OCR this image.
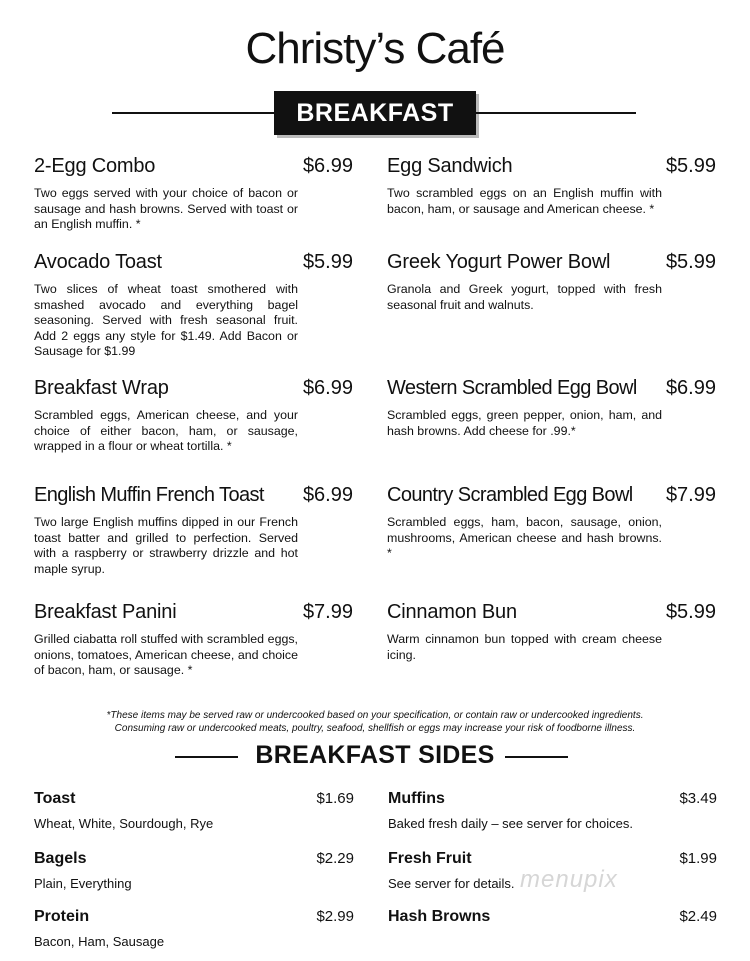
Christy’s Café
BREAKFAST
2-Egg Combo	$6.99
Two eggs served with your choice of bacon or sausage and hash browns. Served with toast or an English muffin. *
Avocado Toast	$5.99
Two slices of wheat toast smothered with smashed avocado and everything bagel seasoning. Served with fresh seasonal fruit. Add 2 eggs any style for $1.49. Add Bacon or Sausage for $1.99
Breakfast Wrap	$6.99
Scrambled eggs, American cheese, and your choice of either bacon, ham, or sausage, wrapped in a flour or wheat tortilla. *
English Muffin French Toast $6.99
Two large English muffins dipped in our French toast batter and grilled to perfection. Served with a raspberry or strawberry drizzle and hot maple syrup.
Breakfast Panini	$7.99
Grilled ciabatta roll stuffed with scrambled eggs, onions, tomatoes, American cheese, and choice of bacon, ham, or sausage. *
Egg Sandwich	$5.99
Two scrambled eggs on an English muffin with bacon, ham, or sausage and American cheese. *
Greek Yogurt Power Bowl	$5.99
Granola and Greek yogurt, topped with fresh seasonal fruit and walnuts.
Western Scrambled Egg Bowl $6.99
Scrambled eggs, green pepper, onion, ham, and hash browns. Add cheese for .99.*
Country Scrambled Egg Bowl $7.99
Scrambled eggs, ham, bacon, sausage, onion, mushrooms, American cheese and hash browns. *
Cinnamon Bun	$5.99
Warm cinnamon bun topped with cream cheese icing.
*These items may be served raw or undercooked based on your specification, or contain raw or undercooked ingredients.
Consuming raw or undercooked meats, poultry, seafood, shellfish or eggs may increase your risk of foodborne illness.
BREAKFAST SIDES
Toast	$1.69
Wheat, White, Sourdough, Rye
Bagels	$2.29
Plain, Everything
Protein	$2.99
Bacon, Ham, Sausage
Muffins	$3.49
Baked fresh daily – see server for choices.
Fresh Fruit	$1.99
See server for details.
Hash Browns	$2.49
menupix
